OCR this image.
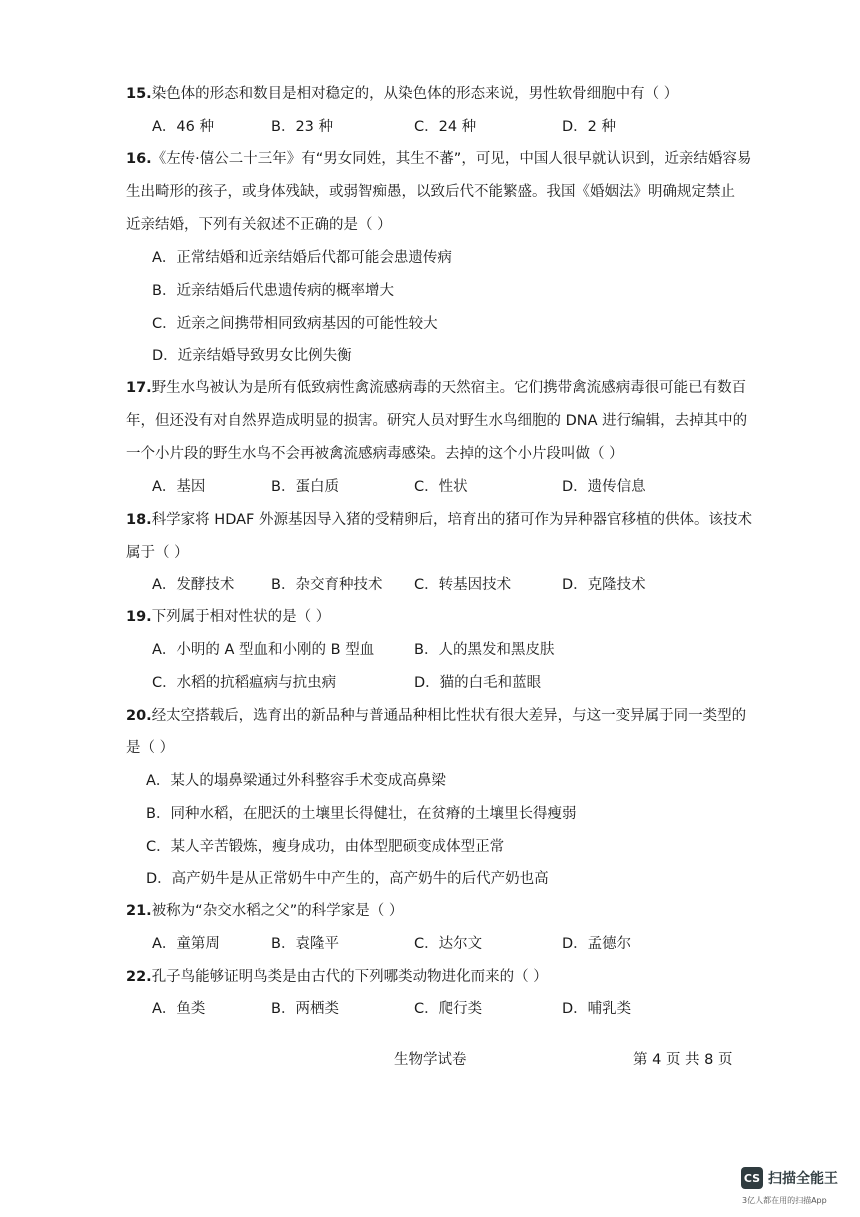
15.染色体的形态和数目是相对稳定的，从染色体的形态来说，男性软骨细胞中有（ ）
A．46 种	B．23 种	C．24 种	D．2 种
16.《左传·僖公二十三年》有“男女同姓，其生不蕃”，可见，中国人很早就认识到，近亲结婚容易
生出畸形的孩子，或身体残缺，或弱智痴愚，以致后代不能繁盛。我国《婚姻法》明确规定禁止
近亲结婚，下列有关叙述不正确的是（ ）
A．正常结婚和近亲结婚后代都可能会患遗传病
B．近亲结婚后代患遗传病的概率增大
C．近亲之间携带相同致病基因的可能性较大
D．近亲结婚导致男女比例失衡
17.野生水鸟被认为是所有低致病性禽流感病毒的天然宿主。它们携带禽流感病毒很可能已有数百
年，但还没有对自然界造成明显的损害。研究人员对野生水鸟细胞的 DNA 进行编辑，去掉其中的
一个小片段的野生水鸟不会再被禽流感病毒感染。去掉的这个小片段叫做（ ）
A．基因	B．蛋白质	C．性状	D．遗传信息
18.科学家将 HDAF 外源基因导入猪的受精卵后，培育出的猪可作为异种器官移植的供体。该技术
属于（ ）
A．发酵技术	B．杂交育种技术 C．转基因技术	D．克隆技术
19.下列属于相对性状的是（ ）
A．小明的 A 型血和小刚的 B 型血	B．人的黑发和黑皮肤
C．水稻的抗稻瘟病与抗虫病	D．猫的白毛和蓝眼
20.经太空搭载后，选育出的新品种与普通品种相比性状有很大差异，与这一变异属于同一类型的
是（ ）
A．某人的塌鼻梁通过外科整容手术变成高鼻梁
B．同种水稻，在肥沃的土壤里长得健壮，在贫瘠的土壤里长得瘦弱
C．某人辛苦锻炼，瘦身成功，由体型肥硕变成体型正常
D．高产奶牛是从正常奶牛中产生的，高产奶牛的后代产奶也高
21.被称为“杂交水稻之父”的科学家是（ ）
A．童第周	B．袁隆平	C．达尔文	D．孟德尔
22.孔子鸟能够证明鸟类是由古代的下列哪类动物进化而来的（ ）
A．鱼类	B．两栖类	C．爬行类	D．哺乳类
生物学试卷	第 4 页 共 8 页
CS 扫描全能王
3亿人都在用的扫描App
